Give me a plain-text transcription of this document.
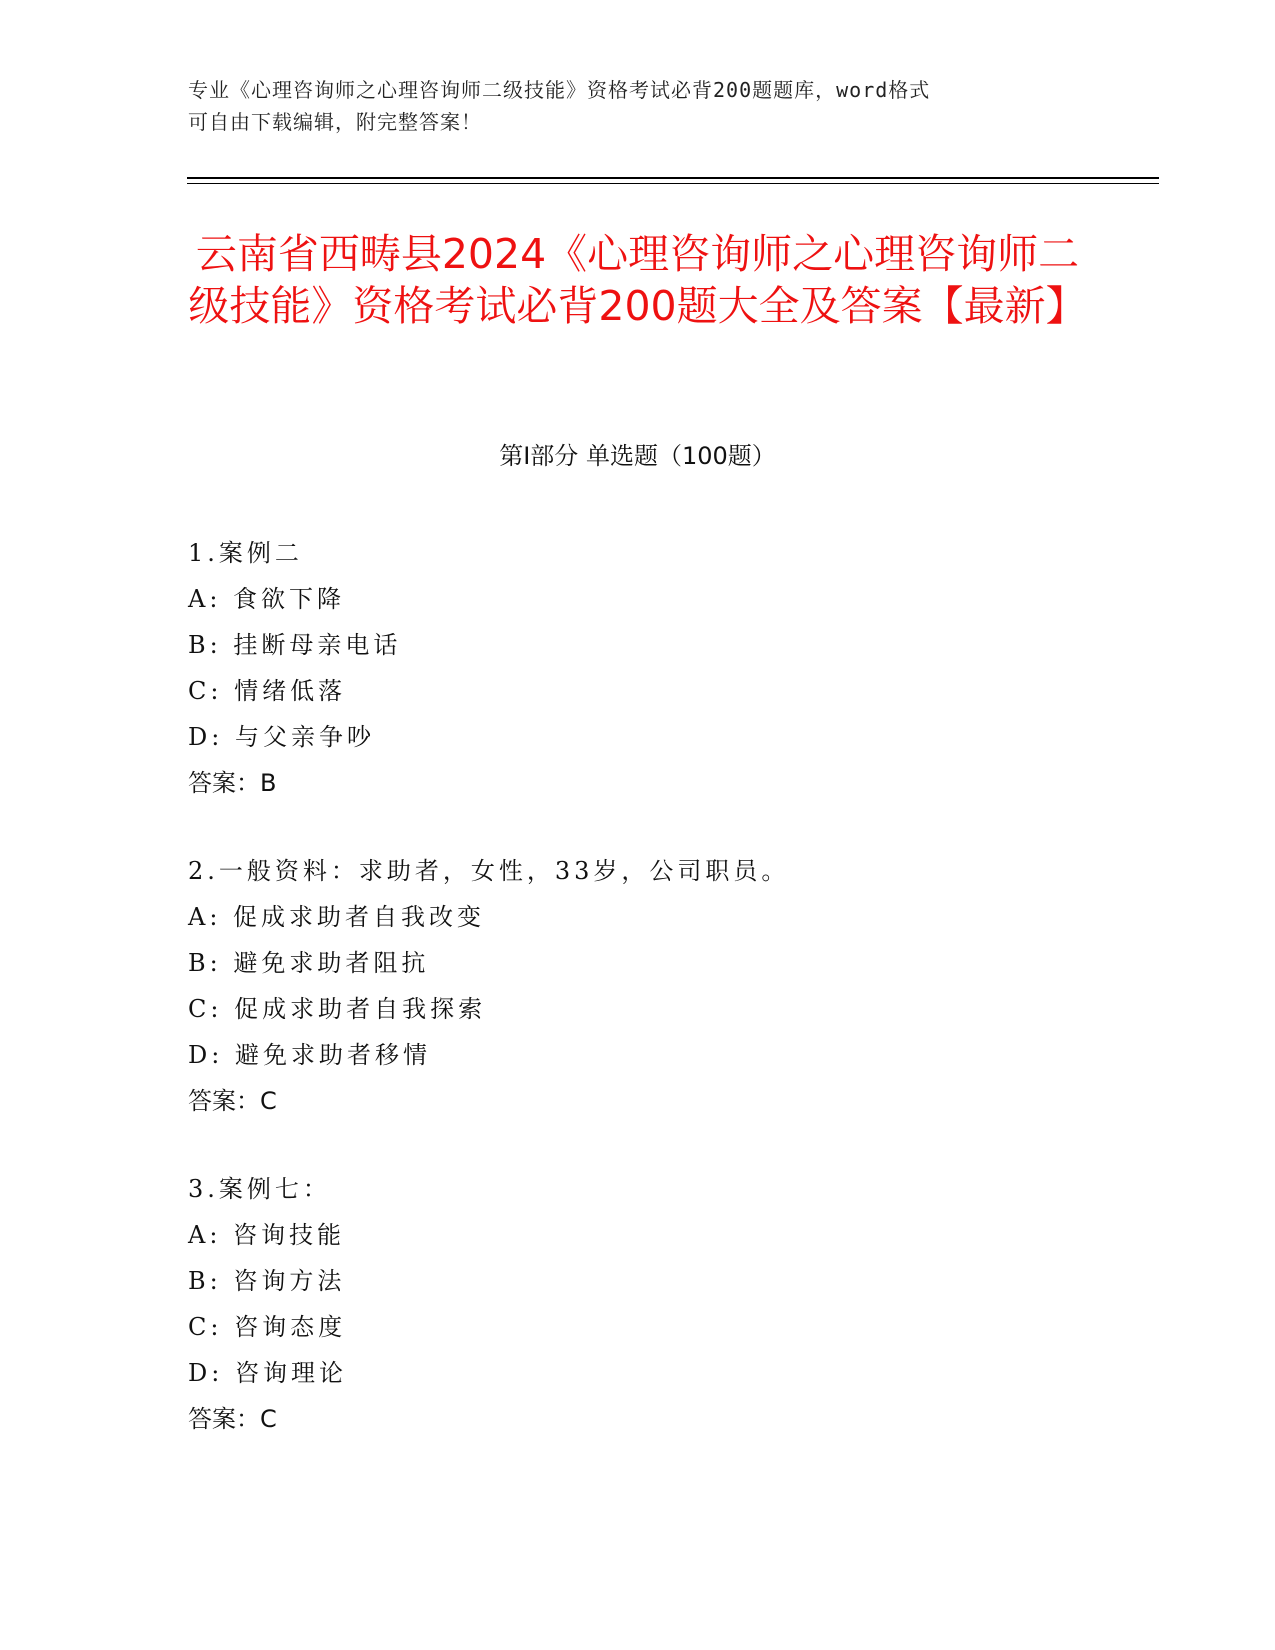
专业《心理咨询师之心理咨询师二级技能》资格考试必背200题题库，word格式
可自由下载编辑，附完整答案！
云南省西畴县2024《心理咨询师之心理咨询师二级技能》资格考试必背200题大全及答案【最新】
第Ⅰ部分 单选题（100题）
1.案例二
A: 食欲下降
B: 挂断母亲电话
C: 情绪低落
D: 与父亲争吵
答案：B
2.一般资料：求助者，女性，33岁，公司职员。
A: 促成求助者自我改变
B: 避免求助者阻抗
C: 促成求助者自我探索
D: 避免求助者移情
答案：C
3.案例七：
A: 咨询技能
B: 咨询方法
C: 咨询态度
D: 咨询理论
答案：C
